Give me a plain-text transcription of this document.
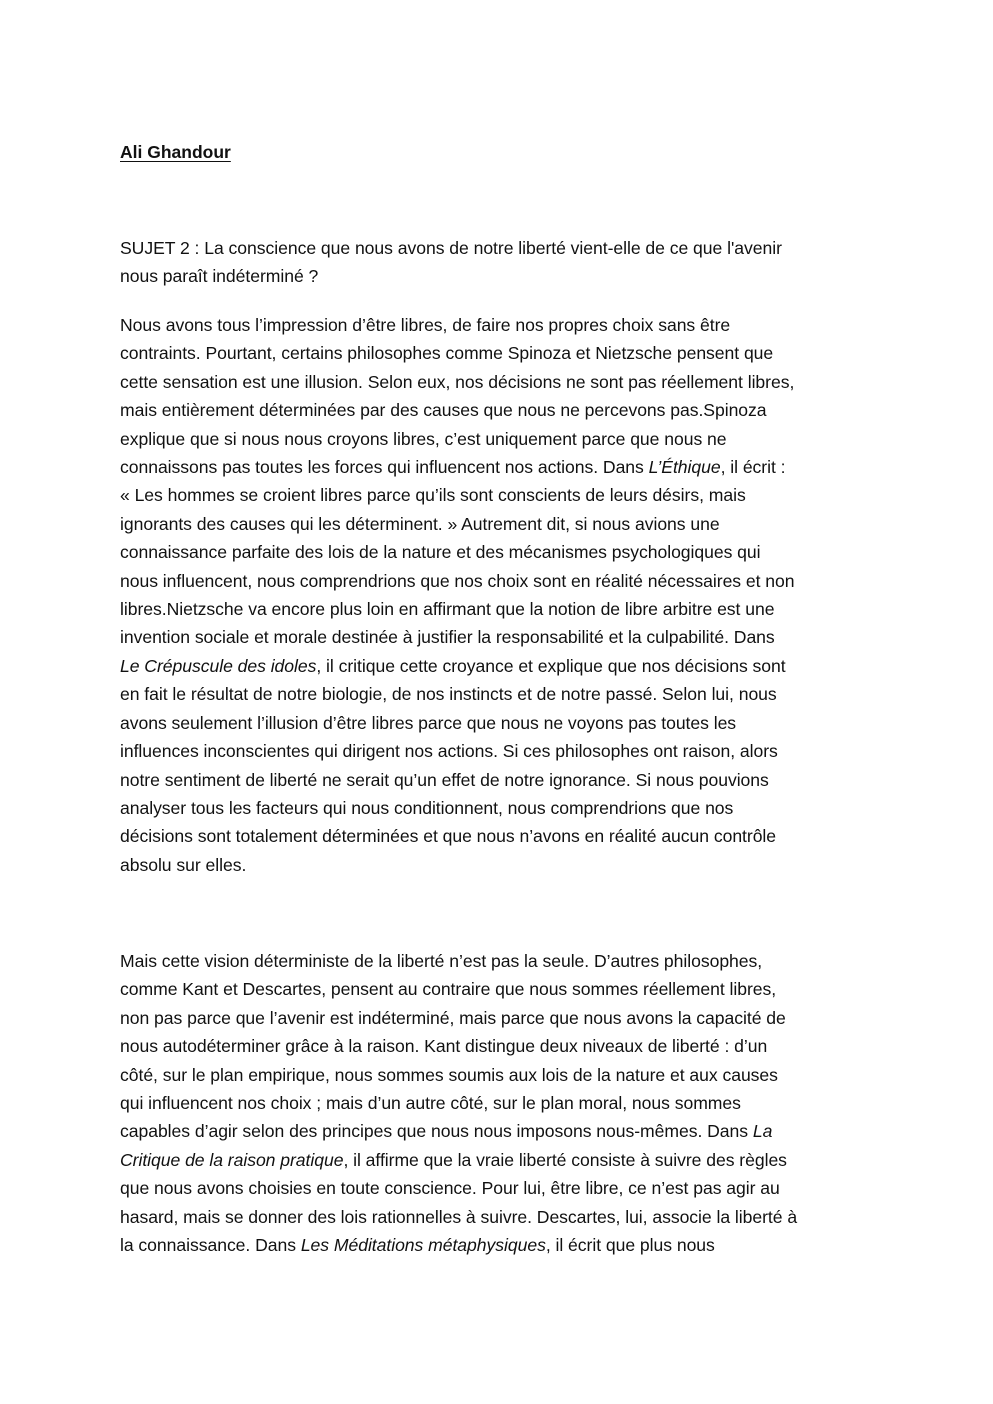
Ali Ghandour
SUJET 2 : La conscience que nous avons de notre liberté vient-elle de ce que l'avenir
nous paraît indéterminé ?
Nous avons tous l’impression d’être libres, de faire nos propres choix sans être
contraints. Pourtant, certains philosophes comme Spinoza et Nietzsche pensent que
cette sensation est une illusion. Selon eux, nos décisions ne sont pas réellement libres,
mais entièrement déterminées par des causes que nous ne percevons pas.Spinoza
explique que si nous nous croyons libres, c’est uniquement parce que nous ne
connaissons pas toutes les forces qui influencent nos actions. Dans L’Éthique, il écrit :
« Les hommes se croient libres parce qu’ils sont conscients de leurs désirs, mais
ignorants des causes qui les déterminent. » Autrement dit, si nous avions une
connaissance parfaite des lois de la nature et des mécanismes psychologiques qui
nous influencent, nous comprendrions que nos choix sont en réalité nécessaires et non
libres.Nietzsche va encore plus loin en affirmant que la notion de libre arbitre est une
invention sociale et morale destinée à justifier la responsabilité et la culpabilité. Dans
Le Crépuscule des idoles, il critique cette croyance et explique que nos décisions sont
en fait le résultat de notre biologie, de nos instincts et de notre passé. Selon lui, nous
avons seulement l’illusion d’être libres parce que nous ne voyons pas toutes les
influences inconscientes qui dirigent nos actions. Si ces philosophes ont raison, alors
notre sentiment de liberté ne serait qu’un effet de notre ignorance. Si nous pouvions
analyser tous les facteurs qui nous conditionnent, nous comprendrions que nos
décisions sont totalement déterminées et que nous n’avons en réalité aucun contrôle
absolu sur elles.
Mais cette vision déterministe de la liberté n’est pas la seule. D’autres philosophes,
comme Kant et Descartes, pensent au contraire que nous sommes réellement libres,
non pas parce que l’avenir est indéterminé, mais parce que nous avons la capacité de
nous autodéterminer grâce à la raison. Kant distingue deux niveaux de liberté : d’un
côté, sur le plan empirique, nous sommes soumis aux lois de la nature et aux causes
qui influencent nos choix ; mais d’un autre côté, sur le plan moral, nous sommes
capables d’agir selon des principes que nous nous imposons nous-mêmes. Dans La
Critique de la raison pratique, il affirme que la vraie liberté consiste à suivre des règles
que nous avons choisies en toute conscience. Pour lui, être libre, ce n’est pas agir au
hasard, mais se donner des lois rationnelles à suivre. Descartes, lui, associe la liberté à
la connaissance. Dans Les Méditations métaphysiques, il écrit que plus nous
